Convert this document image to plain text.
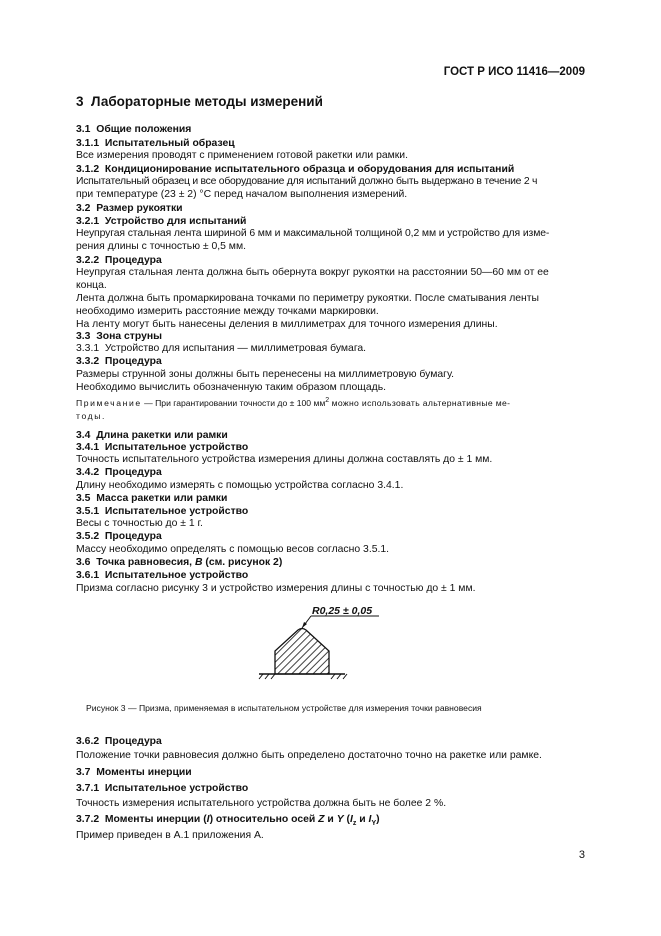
ГОСТ Р ИСО 11416—2009
3 Лабораторные методы измерений
3.1 Общие положения
3.1.1 Испытательный образец
Все измерения проводят с применением готовой ракетки или рамки.
3.1.2 Кондиционирование испытательного образца и оборудования для испытаний
Испытательный образец и все оборудование для испытаний должно быть выдержано в течение 2 ч
при температуре (23 ± 2) °С перед началом выполнения измерений.
3.2 Размер рукоятки
3.2.1 Устройство для испытаний
Неупругая стальная лента шириной 6 мм и максимальной толщиной 0,2 мм и устройство для изме-
рения длины с точностью ± 0,5 мм.
3.2.2 Процедура
Неупругая стальная лента должна быть обернута вокруг рукоятки на расстоянии 50—60 мм от ее
конца.
Лента должна быть промаркирована точками по периметру рукоятки. После сматывания ленты
необходимо измерить расстояние между точками маркировки.
На ленту могут быть нанесены деления в миллиметрах для точного измерения длины.
3.3 Зона струны
3.3.1 Устройство для испытания — миллиметровая бумага.
3.3.2 Процедура
Размеры струнной зоны должны быть перенесены на миллиметровую бумагу.
Необходимо вычислить обозначенную таким образом площадь.
Примечание — При гарантировании точности до ± 100 $мм^2$ можно использовать альтернативные ме-
тоды.
3.4 Длина ракетки или рамки
3.4.1 Испытательное устройство
Точность испытательного устройства измерения длины должна составлять до ± 1 мм.
3.4.2 Процедура
Длину необходимо измерять с помощью устройства согласно 3.4.1.
3.5 Масса ракетки или рамки
3.5.1 Испытательное устройство
Весы с точностью до ± 1 г.
3.5.2 Процедура
Массу необходимо определять с помощью весов согласно 3.5.1.
3.6 Точка равновесия, B (см. рисунок 2)
3.6.1 Испытательное устройство
Призма согласно рисунку 3 и устройство измерения длины с точностью до ± 1 мм.
R0,25 ± 0,05
Рисунок 3 — Призма, применяемая в испытательном устройстве для измерения точки равновесия
3.6.2 Процедура
Положение точки равновесия должно быть определено достаточно точно на ракетке или рамке.
3.7 Моменты инерции
3.7.1 Испытательное устройство
Точность измерения испытательного устройства должна быть не более 2 %.
3.7.2 Моменты инерции (I) относительно осей Z и Y ($I_z$ и $I_Y$)
Пример приведен в А.1 приложения А.
3
